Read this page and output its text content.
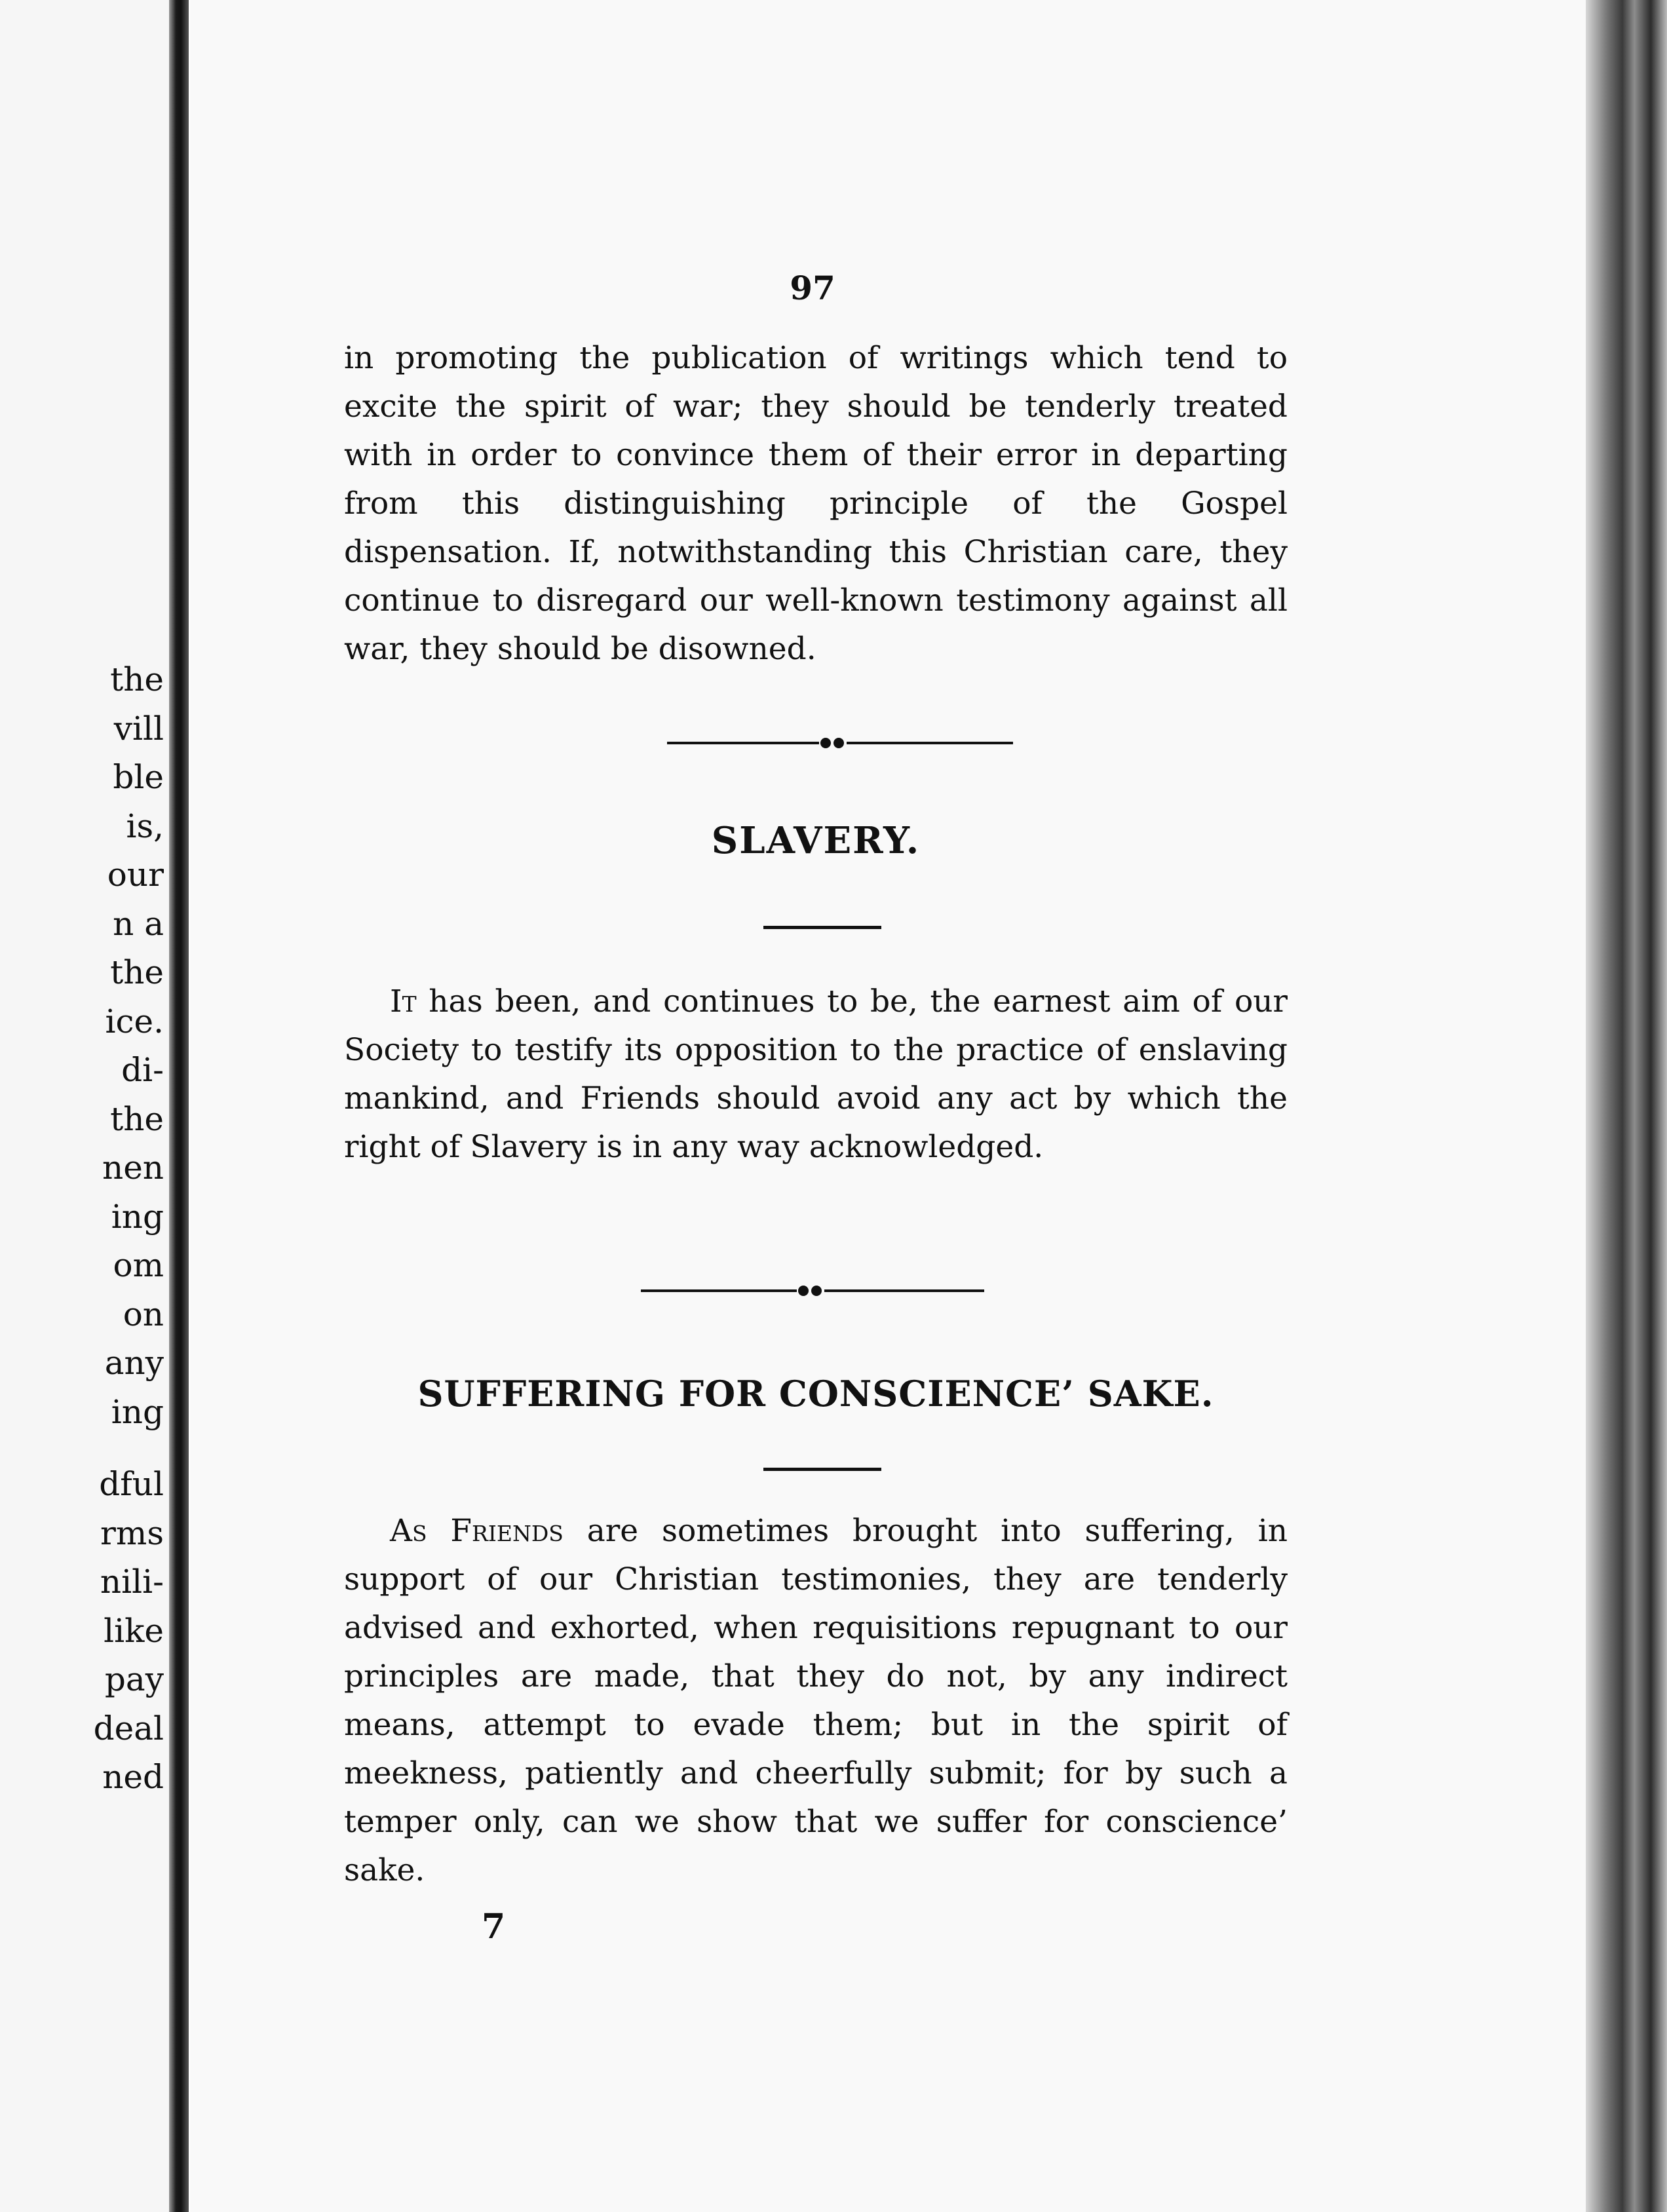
the
vill
ble
is,
our
n a
the
ice.
di-
the
nen
ing
om
on
any
ing
dful
rms
nili-
like
pay
deal
ned
97

in promoting the publication of writings which tend to excite the spirit of war; they should be tenderly treated with in order to convince them of their error in departing from this distinguishing principle of the Gospel dispensation. If, notwithstanding this Christian care, they continue to disregard our well-known testimony against all war, they should be disowned.

SLAVERY.

It has been, and continues to be, the earnest aim of our Society to testify its opposition to the practice of enslaving mankind, and Friends should avoid any act by which the right of Slavery is in any way acknowledged.

SUFFERING FOR CONSCIENCE’ SAKE.

As Friends are sometimes brought into suffering, in support of our Christian testimonies, they are tenderly advised and exhorted, when requisitions repugnant to our principles are made, that they do not, by any indirect means, attempt to evade them; but in the spirit of meekness, patiently and cheerfully submit; for by such a temper only, can we show that we suffer for conscience’ sake.

7
